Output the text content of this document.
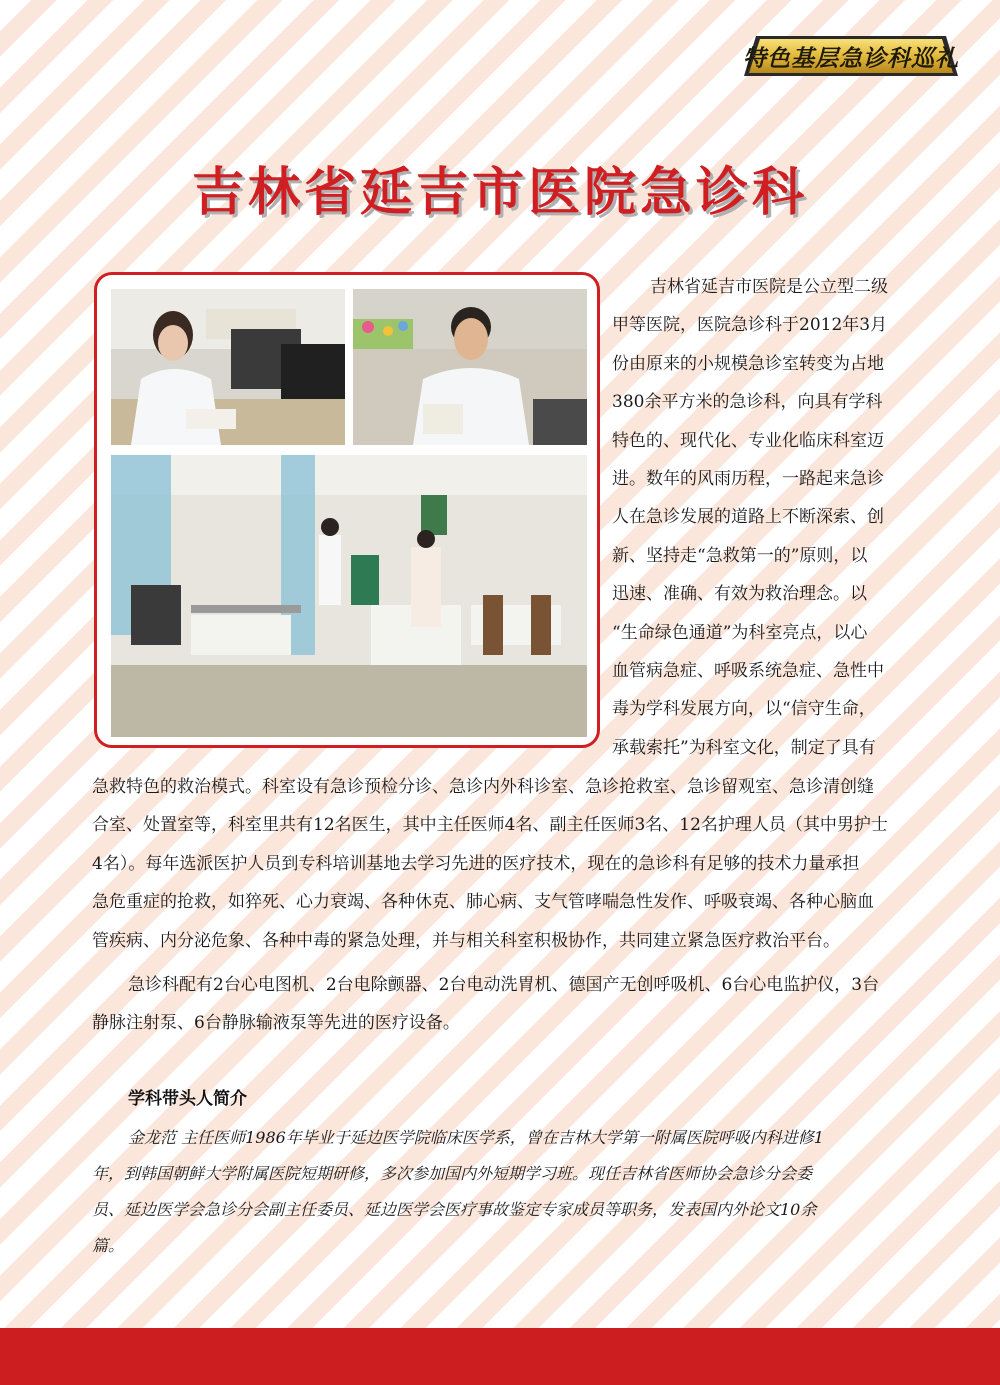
特色基层急诊科巡礼
吉林省延吉市医院急诊科
吉林省延吉市医院是公立型二级
甲等医院，医院急诊科于2012年3月
份由原来的小规模急诊室转变为占地
380余平方米的急诊科，向具有学科
特色的、现代化、专业化临床科室迈
进。数年的风雨历程，一路起来急诊
人在急诊发展的道路上不断深索、创
新、坚持走“急救第一的”原则，以
迅速、准确、有效为救治理念。以
“生命绿色通道”为科室亮点，以心
血管病急症、呼吸系统急症、急性中
毒为学科发展方向，以“信守生命，
承载索托”为科室文化，制定了具有
急救特色的救治模式。科室设有急诊预检分诊、急诊内外科诊室、急诊抢救室、急诊留观室、急诊清创缝
合室、处置室等，科室里共有12名医生，其中主任医师4名、副主任医师3名、12名护理人员（其中男护士
4名）。每年选派医护人员到专科培训基地去学习先进的医疗技术，现在的急诊科有足够的技术力量承担
急危重症的抢救，如猝死、心力衰竭、各种休克、肺心病、支气管哮喘急性发作、呼吸衰竭、各种心脑血
管疾病、内分泌危象、各种中毒的紧急处理，并与相关科室积极协作，共同建立紧急医疗救治平台。
急诊科配有2台心电图机、2台电除颤器、2台电动洗胃机、德国产无创呼吸机、6台心电监护仪，3台
静脉注射泵、6台静脉输液泵等先进的医疗设备。
学科带头人简介
金龙范 主任医师1986年毕业于延边医学院临床医学系，曾在吉林大学第一附属医院呼吸内科进修1
年，到韩国朝鲜大学附属医院短期研修，多次参加国内外短期学习班。现任吉林省医师协会急诊分会委
员、延边医学会急诊分会副主任委员、延边医学会医疗事故鉴定专家成员等职务，发表国内外论文10余
篇。
